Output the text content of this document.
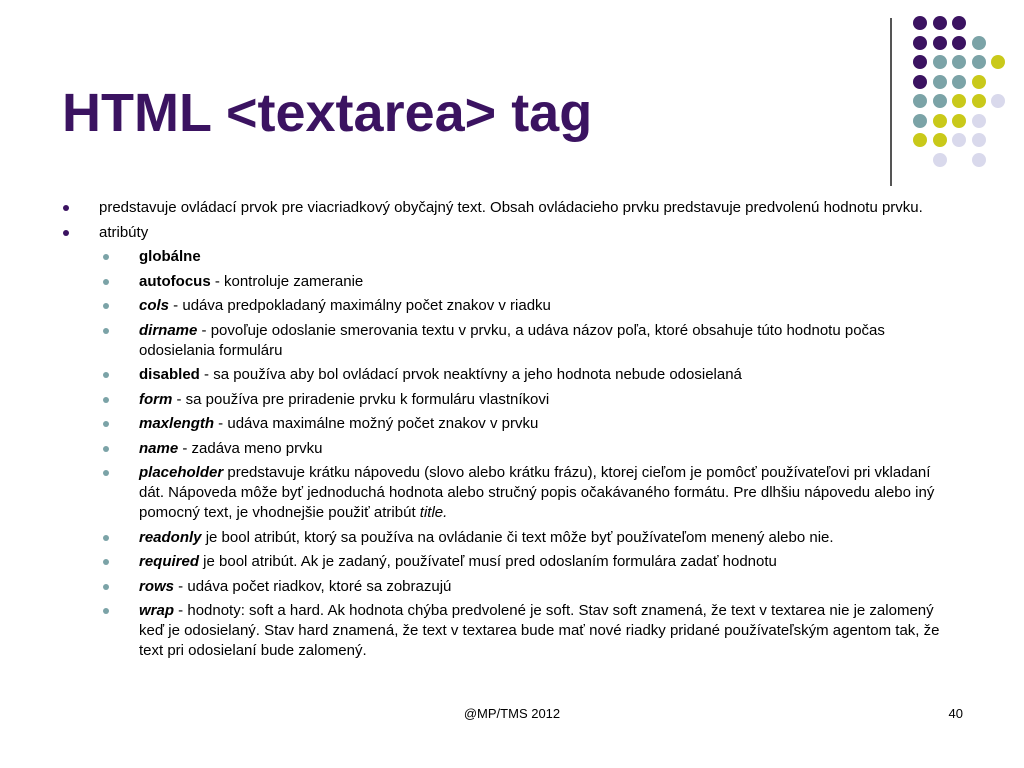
HTML <textarea> tag
predstavuje ovládací prvok pre viacriadkový obyčajný text. Obsah ovládacieho prvku predstavuje predvolenú hodnotu prvku.
atribúty
globálne
autofocus - kontroluje zameranie
cols - udáva predpokladaný maximálny počet znakov v riadku
dirname - povoľuje odoslanie smerovania textu v prvku, a udáva názov poľa, ktoré obsahuje túto hodnotu počas odosielania formuláru
disabled - sa používa aby bol ovládací prvok neaktívny a jeho hodnota nebude odosielaná
form - sa používa pre priradenie prvku k formuláru vlastníkovi
maxlength - udáva maximálne možný počet znakov v prvku
name - zadáva meno prvku
placeholder predstavuje krátku nápovedu (slovo alebo krátku frázu), ktorej cieľom je pomôcť používateľovi pri vkladaní dát. Nápoveda môže byť jednoduchá hodnota alebo stručný popis očakávaného formátu. Pre dlhšiu nápovedu alebo iný pomocný text, je vhodnejšie použiť atribút title.
readonly je bool atribút, ktorý sa používa na ovládanie či text môže byť používateľom menený alebo nie.
required je bool atribút. Ak je zadaný, používateľ musí pred odoslaním formulára zadať hodnotu
rows - udáva počet riadkov, ktoré sa zobrazujú
wrap - hodnoty: soft a hard. Ak hodnota chýba predvolené je soft. Stav soft znamená, že text v textarea nie je zalomený keď je odosielaný. Stav hard znamená, že text v textarea bude mať nové riadky pridané používateľským agentom tak, že text pri odosielaní bude zalomený.
@MP/TMS 2012	40
